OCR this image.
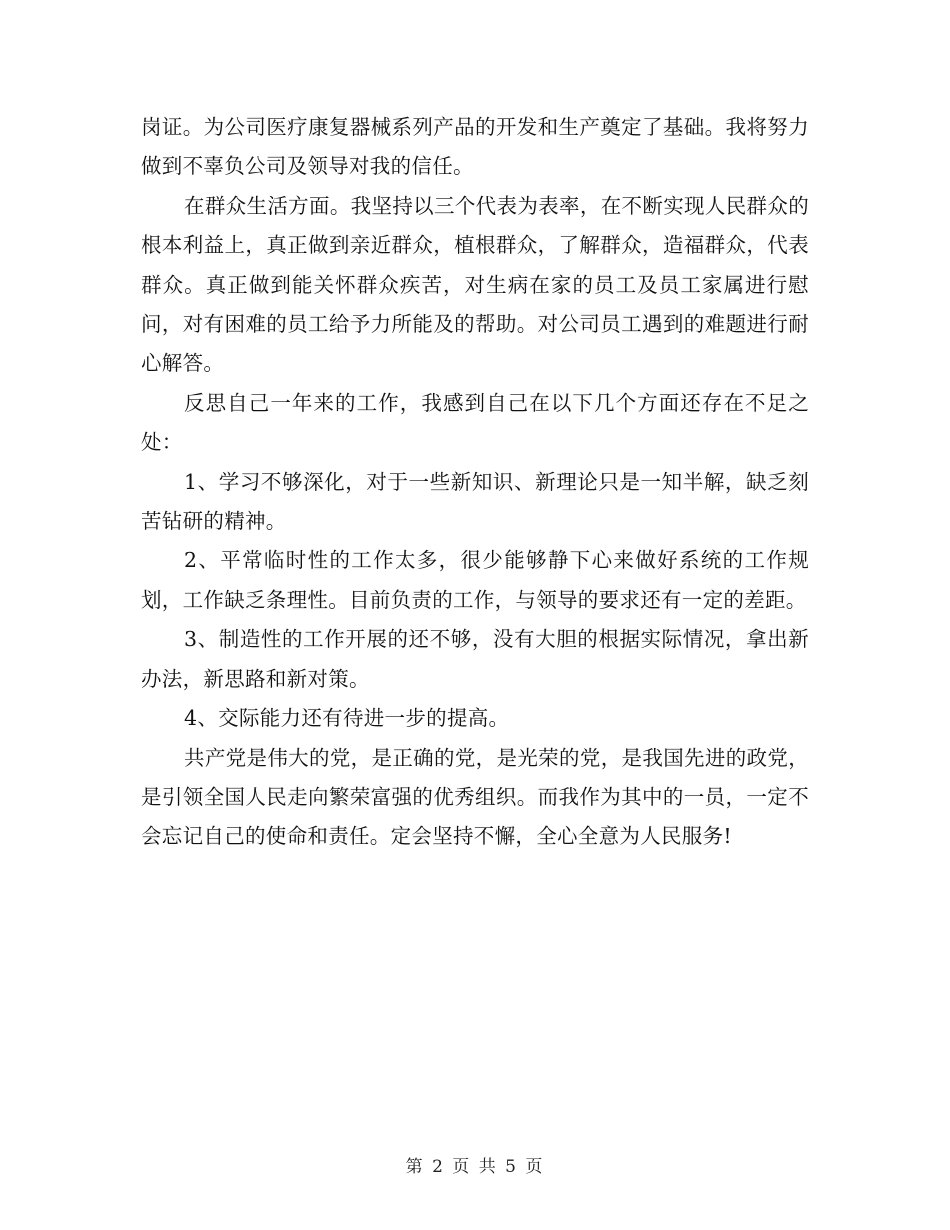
岗证。为公司医疗康复器械系列产品的开发和生产奠定了基础。我将努力做到不辜负公司及领导对我的信任。

在群众生活方面。我坚持以三个代表为表率，在不断实现人民群众的根本利益上，真正做到亲近群众，植根群众，了解群众，造福群众，代表群众。真正做到能关怀群众疾苦，对生病在家的员工及员工家属进行慰问，对有困难的员工给予力所能及的帮助。对公司员工遇到的难题进行耐心解答。

反思自己一年来的工作，我感到自己在以下几个方面还存在不足之处：

1、学习不够深化，对于一些新知识、新理论只是一知半解，缺乏刻苦钻研的精神。

2、平常临时性的工作太多，很少能够静下心来做好系统的工作规划，工作缺乏条理性。目前负责的工作，与领导的要求还有一定的差距。

3、制造性的工作开展的还不够，没有大胆的根据实际情况，拿出新办法，新思路和新对策。

4、交际能力还有待进一步的提高。

共产党是伟大的党，是正确的党，是光荣的党，是我国先进的政党，是引领全国人民走向繁荣富强的优秀组织。而我作为其中的一员，一定不会忘记自己的使命和责任。定会坚持不懈，全心全意为人民服务!

第 2 页 共 5 页
